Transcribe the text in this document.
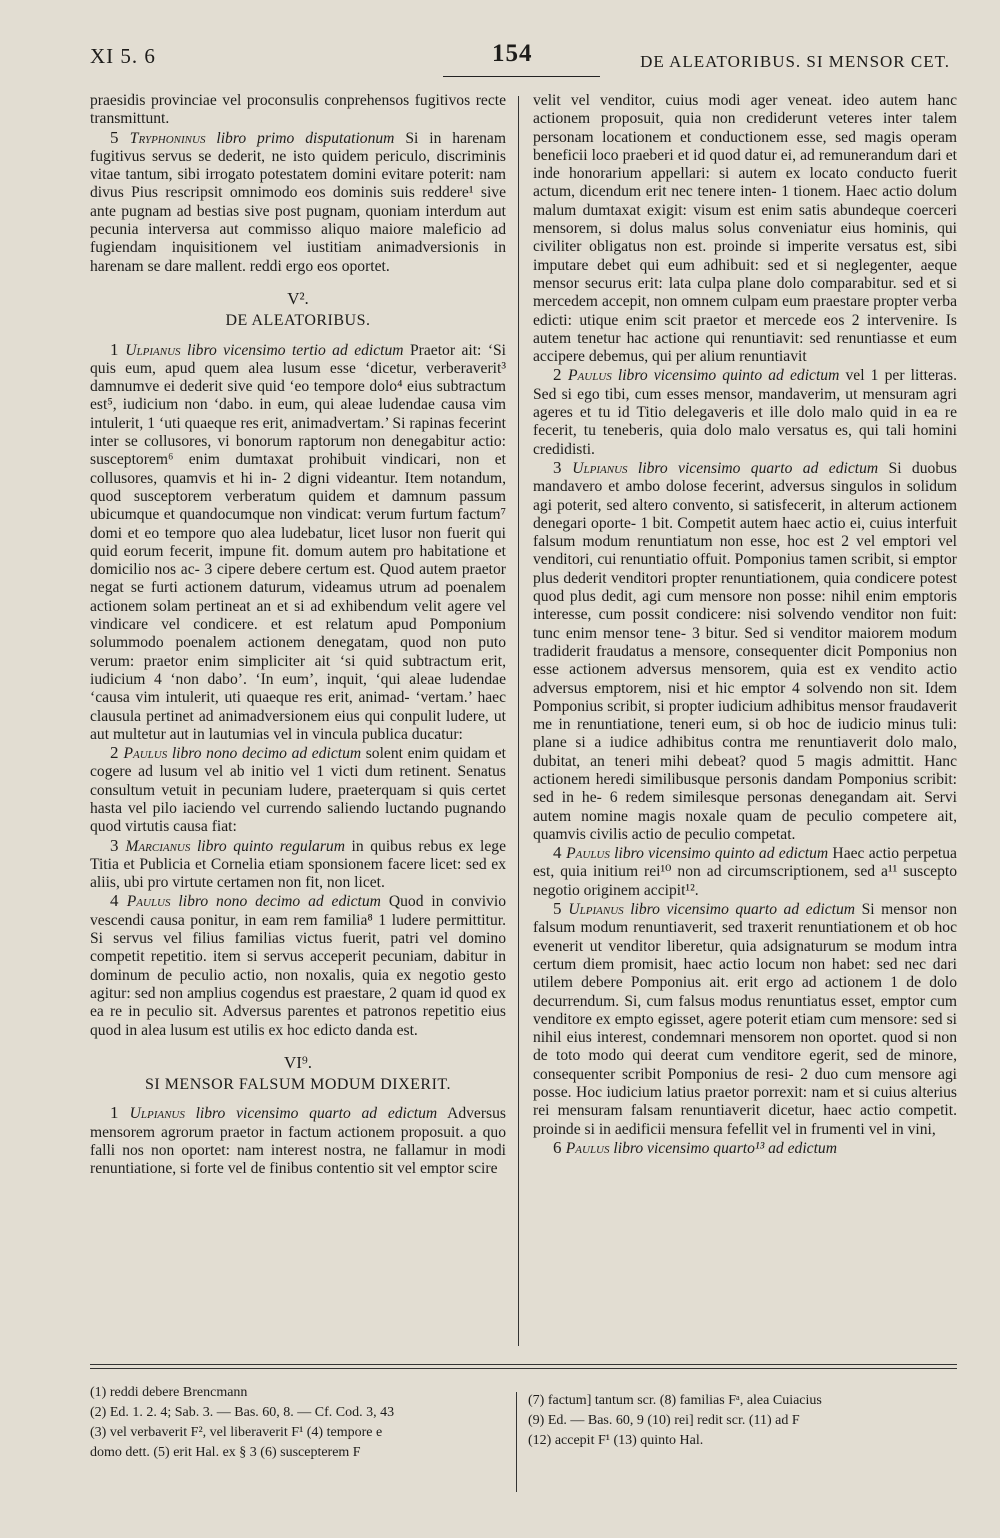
XI 5. 6	154	DE ALEATORIBUS. SI MENSOR CET.

praesidis provinciae vel proconsulis conprehensos fugitivos recte transmittunt.

5 Tryphoninus libro primo disputationum Si in harenam fugitivus servus se dederit, ne isto quidem periculo, discriminis vitae tantum, sibi irrogato potestatem domini evitare poterit: nam divus Pius rescripsit omnimodo eos dominis suis reddere¹ sive ante pugnam ad bestias sive post pugnam, quoniam interdum aut pecunia interversa aut commisso aliquo maiore maleficio ad fugiendam inquisitionem vel iustitiam animadversionis in harenam se dare mallent. reddi ergo eos oportet.

V².

DE ALEATORIBUS.

1 Ulpianus libro vicensimo tertio ad edictum Praetor ait: ‘Si quis eum, apud quem alea lusum esse ‘dicetur, verberaverit³ damnumve ei dederit sive quid ‘eo tempore dolo⁴ eius subtractum est⁵, iudicium non ‘dabo. in eum, qui aleae ludendae causa vim intulerit, 1 ‘uti quaeque res erit, animadvertam.’ Si rapinas fecerint inter se collusores, vi bonorum raptorum non denegabitur actio: susceptorem⁶ enim dumtaxat prohibuit vindicari, non et collusores, quamvis et hi in- 2 digni videantur. Item notandum, quod susceptorem verberatum quidem et damnum passum ubicumque et quandocumque non vindicat: verum furtum factum⁷ domi et eo tempore quo alea ludebatur, licet lusor non fuerit qui quid eorum fecerit, impune fit. domum autem pro habitatione et domicilio nos ac- 3 cipere debere certum est. Quod autem praetor negat se furti actionem daturum, videamus utrum ad poenalem actionem solam pertineat an et si ad exhibendum velit agere vel vindicare vel condicere. et est relatum apud Pomponium solummodo poenalem actionem denegatam, quod non puto verum: praetor enim simpliciter ait ‘si quid subtractum erit, iudicium 4 ‘non dabo’. ‘In eum’, inquit, ‘qui aleae ludendae ‘causa vim intulerit, uti quaeque res erit, animad- ‘vertam.’ haec clausula pertinet ad animadversionem eius qui conpulit ludere, ut aut multetur aut in lautumias vel in vincula publica ducatur:

2 Paulus libro nono decimo ad edictum solent enim quidam et cogere ad lusum vel ab initio vel 1 victi dum retinent. Senatus consultum vetuit in pecuniam ludere, praeterquam si quis certet hasta vel pilo iaciendo vel currendo saliendo luctando pugnando quod virtutis causa fiat:

3 Marcianus libro quinto regularum in quibus rebus ex lege Titia et Publicia et Cornelia etiam sponsionem facere licet: sed ex aliis, ubi pro virtute certamen non fit, non licet.

4 Paulus libro nono decimo ad edictum Quod in convivio vescendi causa ponitur, in eam rem familia⁸ 1 ludere permittitur. Si servus vel filius familias victus fuerit, patri vel domino competit repetitio. item si servus acceperit pecuniam, dabitur in dominum de peculio actio, non noxalis, quia ex negotio gesto agitur: sed non amplius cogendus est praestare, 2 quam id quod ex ea re in peculio sit. Adversus parentes et patronos repetitio eius quod in alea lusum est utilis ex hoc edicto danda est.

VI⁹.

SI MENSOR FALSUM MODUM DIXERIT.

1 Ulpianus libro vicensimo quarto ad edictum Adversus mensorem agrorum praetor in factum actionem proposuit. a quo falli nos non oportet: nam interest nostra, ne fallamur in modi renuntiatione, si forte vel de finibus contentio sit vel emptor scire

velit vel venditor, cuius modi ager veneat. ideo autem hanc actionem proposuit, quia non crediderunt veteres inter talem personam locationem et conductionem esse, sed magis operam beneficii loco praeberi et id quod datur ei, ad remunerandum dari et inde honorarium appellari: si autem ex locato conducto fuerit actum, dicendum erit nec tenere inten- 1 tionem. Haec actio dolum malum dumtaxat exigit: visum est enim satis abundeque coerceri mensorem, si dolus malus solus conveniatur eius hominis, qui civiliter obligatus non est. proinde si imperite versatus est, sibi imputare debet qui eum adhibuit: sed et si neglegenter, aeque mensor securus erit: lata culpa plane dolo comparabitur. sed et si mercedem accepit, non omnem culpam eum praestare propter verba edicti: utique enim scit praetor et mercede eos 2 intervenire. Is autem tenetur hac actione qui renuntiavit: sed renuntiasse et eum accipere debemus, qui per alium renuntiavit

2 Paulus libro vicensimo quinto ad edictum vel 1 per litteras. Sed si ego tibi, cum esses mensor, mandaverim, ut mensuram agri ageres et tu id Titio delegaveris et ille dolo malo quid in ea re fecerit, tu teneberis, quia dolo malo versatus es, qui tali homini credidisti.

3 Ulpianus libro vicensimo quarto ad edictum Si duobus mandavero et ambo dolose fecerint, adversus singulos in solidum agi poterit, sed altero convento, si satisfecerit, in alterum actionem denegari oporte- 1 bit. Competit autem haec actio ei, cuius interfuit falsum modum renuntiatum non esse, hoc est 2 vel emptori vel venditori, cui renuntiatio offuit. Pomponius tamen scribit, si emptor plus dederit venditori propter renuntiationem, quia condicere potest quod plus dedit, agi cum mensore non posse: nihil enim emptoris interesse, cum possit condicere: nisi solvendo venditor non fuit: tunc enim mensor tene- 3 bitur. Sed si venditor maiorem modum tradiderit fraudatus a mensore, consequenter dicit Pomponius non esse actionem adversus mensorem, quia est ex vendito actio adversus emptorem, nisi et hic emptor 4 solvendo non sit. Idem Pomponius scribit, si propter iudicium adhibitus mensor fraudaverit me in renuntiatione, teneri eum, si ob hoc de iudicio minus tuli: plane si a iudice adhibitus contra me renuntiaverit dolo malo, dubitat, an teneri mihi debeat? quod 5 magis admittit. Hanc actionem heredi similibusque personis dandam Pomponius scribit: sed in he- 6 redem similesque personas denegandam ait. Servi autem nomine magis noxale quam de peculio competere ait, quamvis civilis actio de peculio competat.

4 Paulus libro vicensimo quinto ad edictum Haec actio perpetua est, quia initium rei¹⁰ non ad circumscriptionem, sed a¹¹ suscepto negotio originem accipit¹².

5 Ulpianus libro vicensimo quarto ad edictum Si mensor non falsum modum renuntiaverit, sed traxerit renuntiationem et ob hoc evenerit ut venditor liberetur, quia adsignaturum se modum intra certum diem promisit, haec actio locum non habet: sed nec dari utilem debere Pomponius ait. erit ergo ad actionem 1 de dolo decurrendum. Si, cum falsus modus renuntiatus esset, emptor cum venditore ex empto egisset, agere poterit etiam cum mensore: sed si nihil eius interest, condemnari mensorem non oportet. quod si non de toto modo qui deerat cum venditore egerit, sed de minore, consequenter scribit Pomponius de resi- 2 duo cum mensore agi posse. Hoc iudicium latius praetor porrexit: nam et si cuius alterius rei mensuram falsam renuntiaverit dicetur, haec actio competit. proinde si in aedificii mensura fefellit vel in frumenti vel in vini,

6 Paulus libro vicensimo quarto¹³ ad edictum

(1) reddi debere Brencmann

(2) Ed. 1. 2. 4; Sab. 3. — Bas. 60, 8. — Cf. Cod. 3, 43

(3) vel verbaverit F², vel liberaverit F¹ (4) tempore e

domo dett. (5) erit Hal. ex § 3 (6) suscepterem F

(7) factum] tantum scr. (8) familias Fᵃ, alea Cuiacius

(9) Ed. — Bas. 60, 9 (10) rei] redit scr. (11) ad F

(12) accepit F¹ (13) quinto Hal.
